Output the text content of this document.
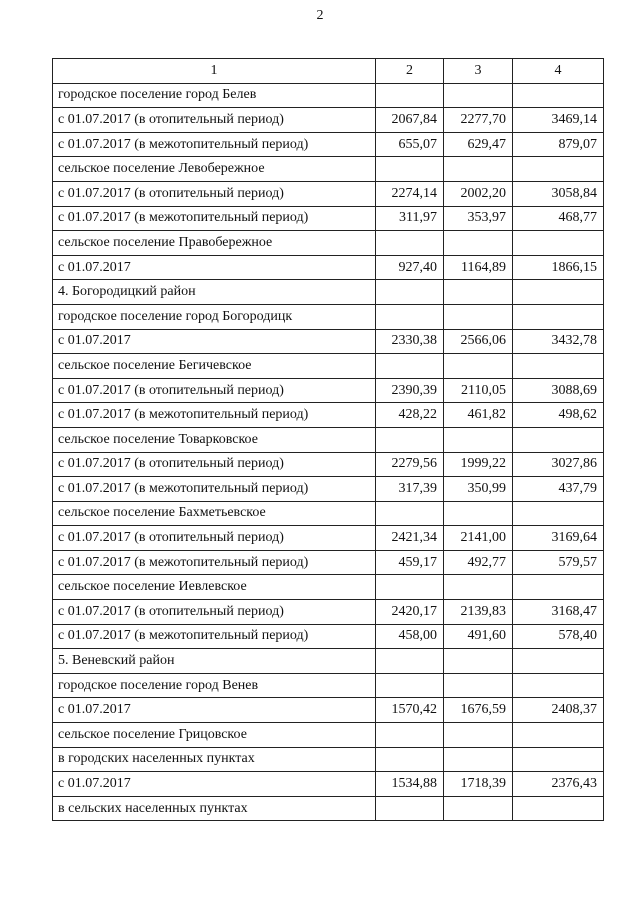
2
1	2	3	4
городское поселение город Белев			
с 01.07.2017 (в отопительный период)	2067,84	2277,70	3469,14
с 01.07.2017 (в межотопительный период)	655,07	629,47	879,07
сельское поселение Левобережное			
с 01.07.2017 (в отопительный период)	2274,14	2002,20	3058,84
с 01.07.2017 (в межотопительный период)	311,97	353,97	468,77
сельское поселение Правобережное			
с 01.07.2017	927,40	1164,89	1866,15
4. Богородицкий район			
городское поселение город Богородицк			
с 01.07.2017	2330,38	2566,06	3432,78
сельское поселение Бегичевское			
с 01.07.2017 (в отопительный период)	2390,39	2110,05	3088,69
с 01.07.2017 (в межотопительный период)	428,22	461,82	498,62
сельское поселение Товарковское			
с 01.07.2017 (в отопительный период)	2279,56	1999,22	3027,86
с 01.07.2017 (в межотопительный период)	317,39	350,99	437,79
сельское поселение Бахметьевское			
с 01.07.2017 (в отопительный период)	2421,34	2141,00	3169,64
с 01.07.2017 (в межотопительный период)	459,17	492,77	579,57
сельское поселение Иевлевское			
с 01.07.2017 (в отопительный период)	2420,17	2139,83	3168,47
с 01.07.2017 (в межотопительный период)	458,00	491,60	578,40
5. Веневский район			
городское поселение город Венев			
с 01.07.2017	1570,42	1676,59	2408,37
сельское поселение Грицовское			
в городских населенных пунктах			
с 01.07.2017	1534,88	1718,39	2376,43
в сельских населенных пунктах			
